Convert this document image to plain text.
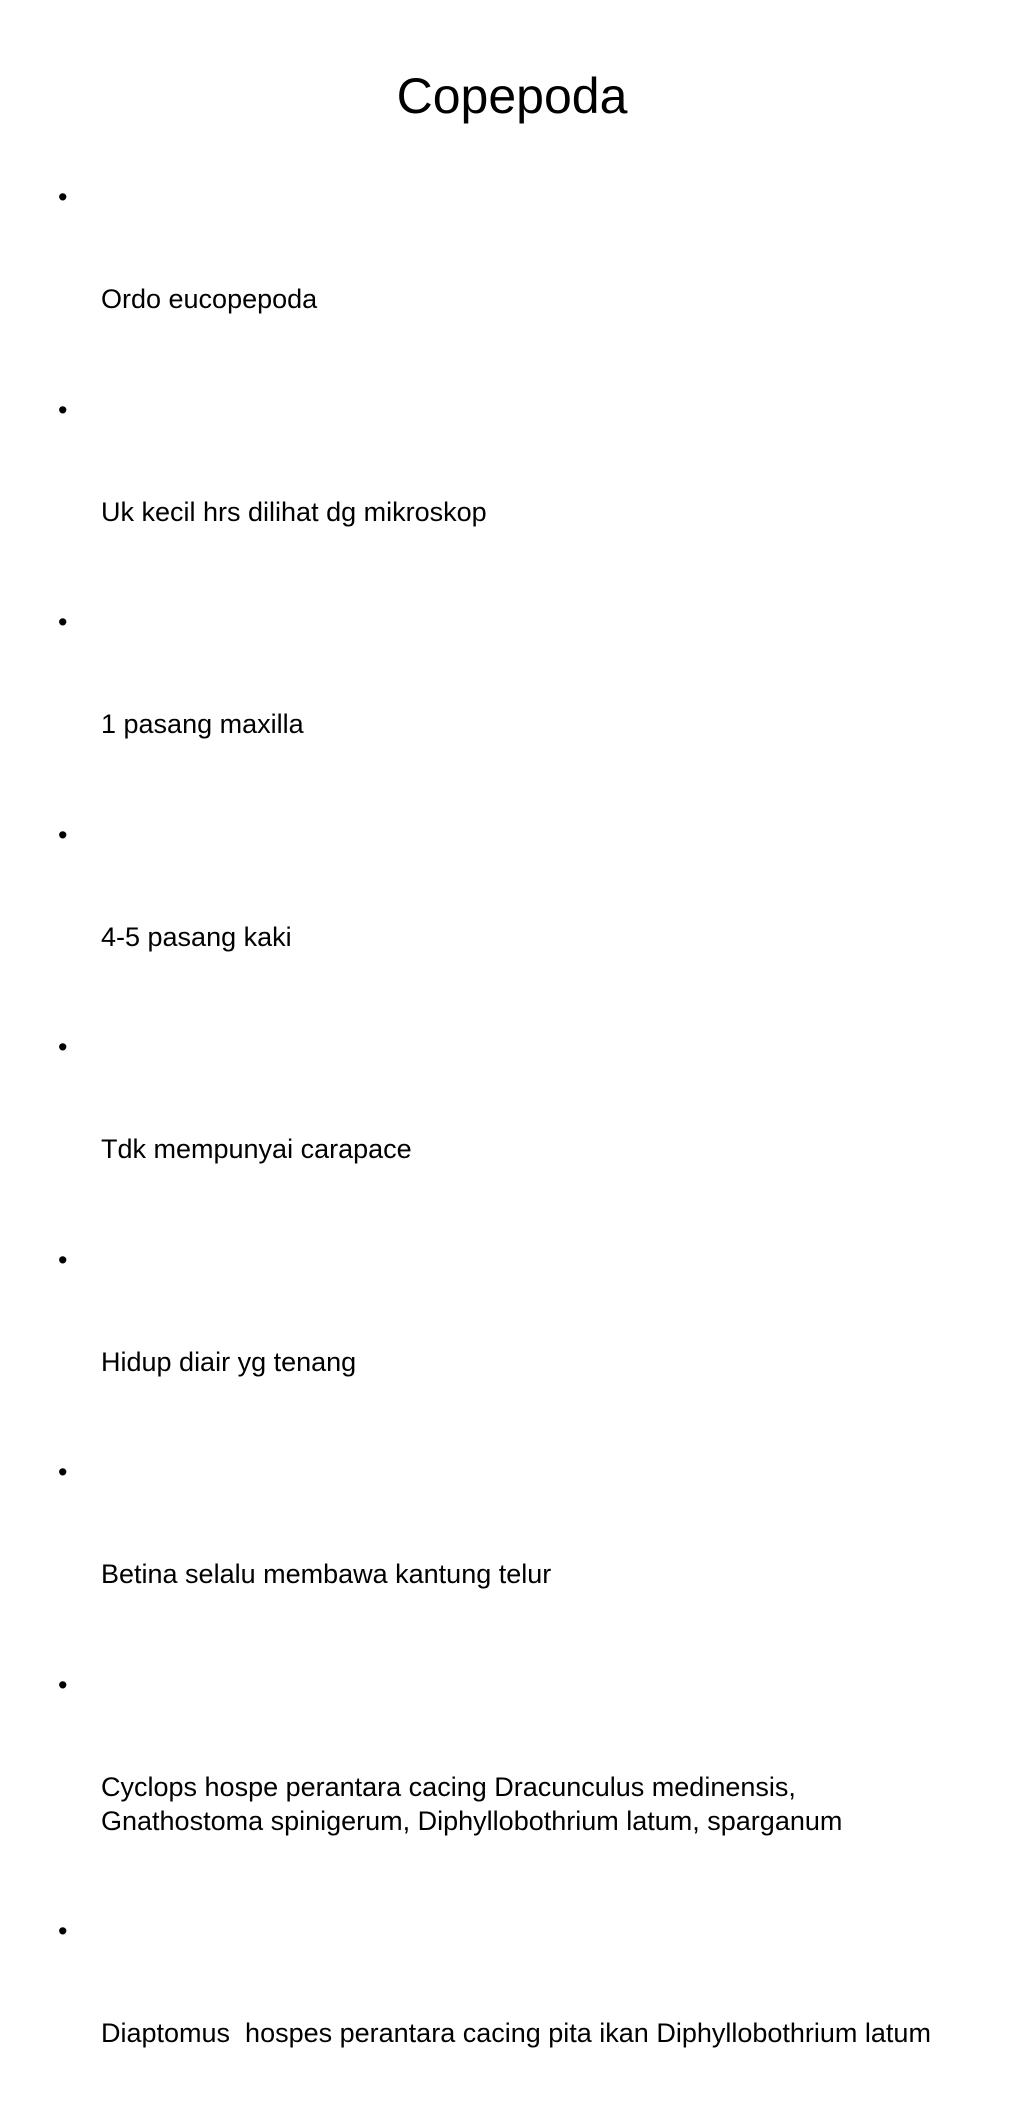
Copepoda

•

Ordo eucopepoda

•

Uk kecil hrs dilihat dg mikroskop

•

1 pasang maxilla

•

4-5 pasang kaki

•

Tdk mempunyai carapace

•

Hidup diair yg tenang

•

Betina selalu membawa kantung telur

•

Cyclops hospe perantara cacing Dracunculus medinensis, Gnathostoma spinigerum, Diphyllobothrium latum, sparganum

•

Diaptomus  hospes perantara cacing pita ikan Diphyllobothrium latum
